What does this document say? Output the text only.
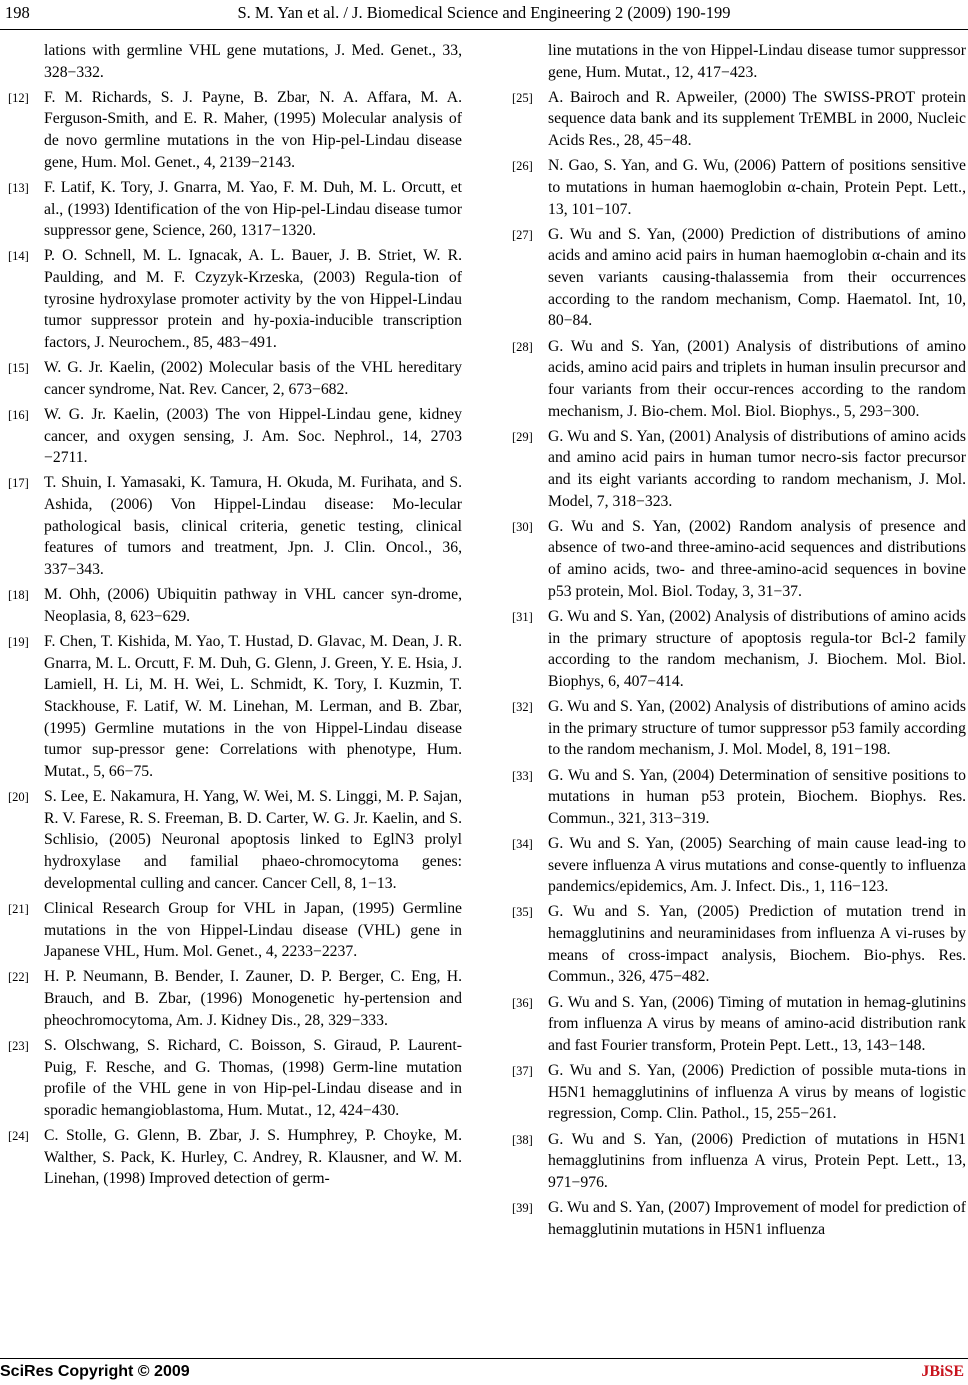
198	S. M. Yan et al. / J. Biomedical Science and Engineering 2 (2009) 190-199
lations with germline VHL gene mutations, J. Med. Genet., 33, 328−332.
[12] F. M. Richards, S. J. Payne, B. Zbar, N. A. Affara, M. A. Ferguson-Smith, and E. R. Maher, (1995) Molecular analysis of de novo germline mutations in the von Hip-pel-Lindau disease gene, Hum. Mol. Genet., 4, 2139−2143.
[13] F. Latif, K. Tory, J. Gnarra, M. Yao, F. M. Duh, M. L. Orcutt, et al., (1993) Identification of the von Hip-pel-Lindau disease tumor suppressor gene, Science, 260, 1317−1320.
[14] P. O. Schnell, M. L. Ignacak, A. L. Bauer, J. B. Striet, W. R. Paulding, and M. F. Czyzyk-Krzeska, (2003) Regula-tion of tyrosine hydroxylase promoter activity by the von Hippel-Lindau tumor suppressor protein and hy-poxia-inducible transcription factors, J. Neurochem., 85, 483−491.
[15] W. G. Jr. Kaelin, (2002) Molecular basis of the VHL hereditary cancer syndrome, Nat. Rev. Cancer, 2, 673−682.
[16] W. G. Jr. Kaelin, (2003) The von Hippel-Lindau gene, kidney cancer, and oxygen sensing, J. Am. Soc. Nephrol., 14, 2703 −2711.
[17] T. Shuin, I. Yamasaki, K. Tamura, H. Okuda, M. Furihata, and S. Ashida, (2006) Von Hippel-Lindau disease: Mo-lecular pathological basis, clinical criteria, genetic testing, clinical features of tumors and treatment, Jpn. J. Clin. Oncol., 36, 337−343.
[18] M. Ohh, (2006) Ubiquitin pathway in VHL cancer syn-drome, Neoplasia, 8, 623−629.
[19] F. Chen, T. Kishida, M. Yao, T. Hustad, D. Glavac, M. Dean, J. R. Gnarra, M. L. Orcutt, F. M. Duh, G. Glenn, J. Green, Y. E. Hsia, J. Lamiell, H. Li, M. H. Wei, L. Schmidt, K. Tory, I. Kuzmin, T. Stackhouse, F. Latif, W. M. Linehan, M. Lerman, and B. Zbar, (1995) Germline mutations in the von Hippel-Lindau disease tumor sup-pressor gene: Correlations with phenotype, Hum. Mutat., 5, 66−75.
[20] S. Lee, E. Nakamura, H. Yang, W. Wei, M. S. Linggi, M. P. Sajan, R. V. Farese, R. S. Freeman, B. D. Carter, W. G. Jr. Kaelin, and S. Schlisio, (2005) Neuronal apoptosis linked to EglN3 prolyl hydroxylase and familial phaeo-chromocytoma genes: developmental culling and cancer. Cancer Cell, 8, 1−13.
[21] Clinical Research Group for VHL in Japan, (1995) Germline mutations in the von Hippel-Lindau disease (VHL) gene in Japanese VHL, Hum. Mol. Genet., 4, 2233−2237.
[22] H. P. Neumann, B. Bender, I. Zauner, D. P. Berger, C. Eng, H. Brauch, and B. Zbar, (1996) Monogenetic hy-pertension and pheochromocytoma, Am. J. Kidney Dis., 28, 329−333.
[23] S. Olschwang, S. Richard, C. Boisson, S. Giraud, P. Laurent- Puig, F. Resche, and G. Thomas, (1998) Germ-line mutation profile of the VHL gene in von Hip-pel-Lindau disease and in sporadic hemangioblastoma, Hum. Mutat., 12, 424−430.
[24] C. Stolle, G. Glenn, B. Zbar, J. S. Humphrey, P. Choyke, M. Walther, S. Pack, K. Hurley, C. Andrey, R. Klausner, and W. M. Linehan, (1998) Improved detection of germ-
line mutations in the von Hippel-Lindau disease tumor suppressor gene, Hum. Mutat., 12, 417−423.
[25] A. Bairoch and R. Apweiler, (2000) The SWISS-PROT protein sequence data bank and its supplement TrEMBL in 2000, Nucleic Acids Res., 28, 45−48.
[26] N. Gao, S. Yan, and G. Wu, (2006) Pattern of positions sensitive to mutations in human haemoglobin α-chain, Protein Pept. Lett., 13, 101−107.
[27] G. Wu and S. Yan, (2000) Prediction of distributions of amino acids and amino acid pairs in human haemoglobin α-chain and its seven variants causing-thalassemia from their occurrences according to the random mechanism, Comp. Haematol. Int, 10, 80−84.
[28] G. Wu and S. Yan, (2001) Analysis of distributions of amino acids, amino acid pairs and triplets in human insulin precursor and four variants from their occur-rences according to the random mechanism, J. Bio-chem. Mol. Biol. Biophys., 5, 293−300.
[29] G. Wu and S. Yan, (2001) Analysis of distributions of amino acids and amino acid pairs in human tumor necro-sis factor precursor and its eight variants according to random mechanism, J. Mol. Model, 7, 318−323.
[30] G. Wu and S. Yan, (2002) Random analysis of presence and absence of two-and three-amino-acid sequences and distributions of amino acids, two- and three-amino-acid sequences in bovine p53 protein, Mol. Biol. Today, 3, 31−37.
[31] G. Wu and S. Yan, (2002) Analysis of distributions of amino acids in the primary structure of apoptosis regula-tor Bcl-2 family according to the random mechanism, J. Biochem. Mol. Biol. Biophys, 6, 407−414.
[32] G. Wu and S. Yan, (2002) Analysis of distributions of amino acids in the primary structure of tumor suppressor p53 family according to the random mechanism, J. Mol. Model, 8, 191−198.
[33] G. Wu and S. Yan, (2004) Determination of sensitive positions to mutations in human p53 protein, Biochem. Biophys. Res. Commun., 321, 313−319.
[34] G. Wu and S. Yan, (2005) Searching of main cause lead-ing to severe influenza A virus mutations and conse-quently to influenza pandemics/epidemics, Am. J. Infect. Dis., 1, 116−123.
[35] G. Wu and S. Yan, (2005) Prediction of mutation trend in hemagglutinins and neuraminidases from influenza A vi-ruses by means of cross-impact analysis, Biochem. Bio-phys. Res. Commun., 326, 475−482.
[36] G. Wu and S. Yan, (2006) Timing of mutation in hemag-glutinins from influenza A virus by means of amino-acid distribution rank and fast Fourier transform, Protein Pept. Lett., 13, 143−148.
[37] G. Wu and S. Yan, (2006) Prediction of possible muta-tions in H5N1 hemagglutinins of influenza A virus by means of logistic regression, Comp. Clin. Pathol., 15, 255−261.
[38] G. Wu and S. Yan, (2006) Prediction of mutations in H5N1 hemagglutinins from influenza A virus, Protein Pept. Lett., 13, 971−976.
[39] G. Wu and S. Yan, (2007) Improvement of model for prediction of hemagglutinin mutations in H5N1 influenza
SciRes Copyright © 2009	JBiSE
